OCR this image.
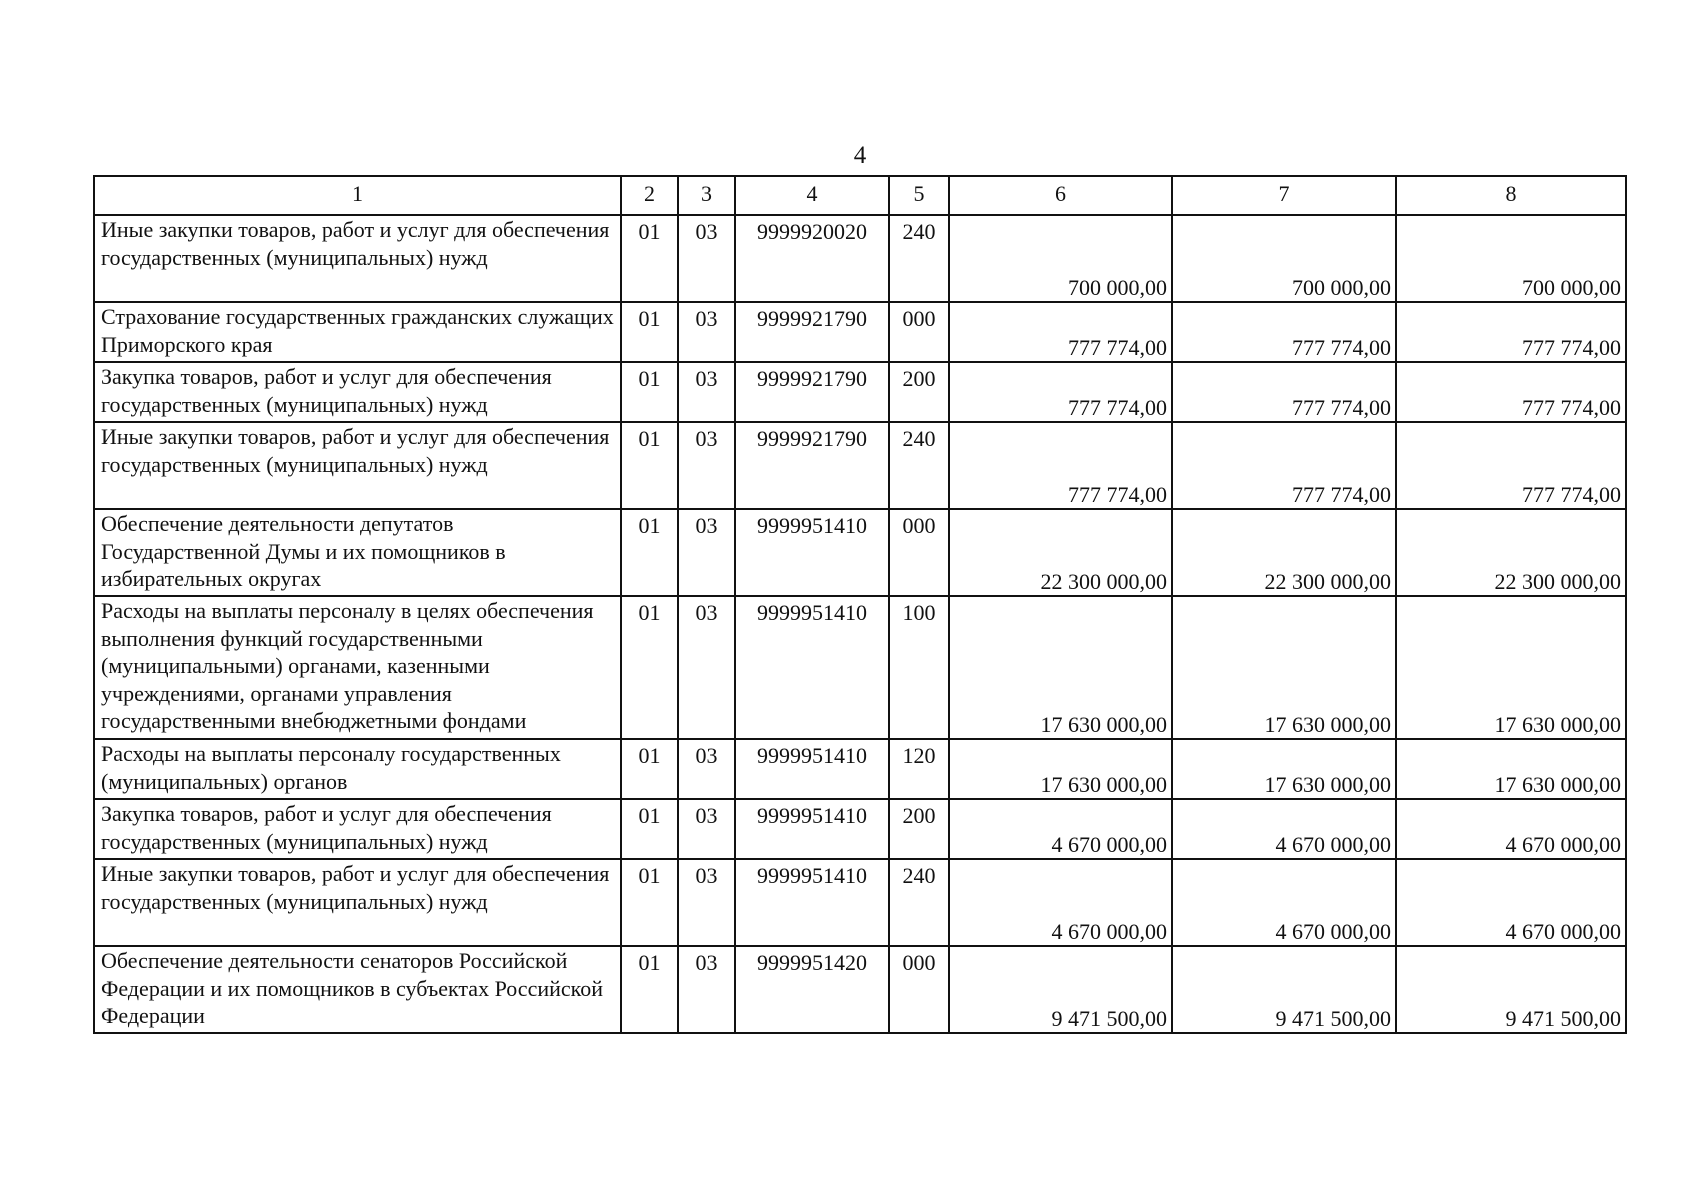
4
1	2	3	4	5	6	7	8
Иные закупки товаров, работ и услуг для обеспечения государственных (муниципальных) нужд	01	03	9999920020	240	700 000,00	700 000,00	700 000,00
Страхование государственных гражданских служащих Приморского края	01	03	9999921790	000	777 774,00	777 774,00	777 774,00
Закупка товаров, работ и услуг для обеспечения государственных (муниципальных) нужд	01	03	9999921790	200	777 774,00	777 774,00	777 774,00
Иные закупки товаров, работ и услуг для обеспечения государственных (муниципальных) нужд	01	03	9999921790	240	777 774,00	777 774,00	777 774,00
Обеспечение деятельности депутатов Государственной Думы и их помощников в избирательных округах	01	03	9999951410	000	22 300 000,00	22 300 000,00	22 300 000,00
Расходы на выплаты персоналу в целях обеспечения выполнения функций государственными (муниципальными) органами, казенными учреждениями, органами управления государственными внебюджетными фондами	01	03	9999951410	100	17 630 000,00	17 630 000,00	17 630 000,00
Расходы на выплаты персоналу государственных (муниципальных) органов	01	03	9999951410	120	17 630 000,00	17 630 000,00	17 630 000,00
Закупка товаров, работ и услуг для обеспечения государственных (муниципальных) нужд	01	03	9999951410	200	4 670 000,00	4 670 000,00	4 670 000,00
Иные закупки товаров, работ и услуг для обеспечения государственных (муниципальных) нужд	01	03	9999951410	240	4 670 000,00	4 670 000,00	4 670 000,00
Обеспечение деятельности сенаторов Российской Федерации и их помощников в субъектах Российской Федерации	01	03	9999951420	000	9 471 500,00	9 471 500,00	9 471 500,00
